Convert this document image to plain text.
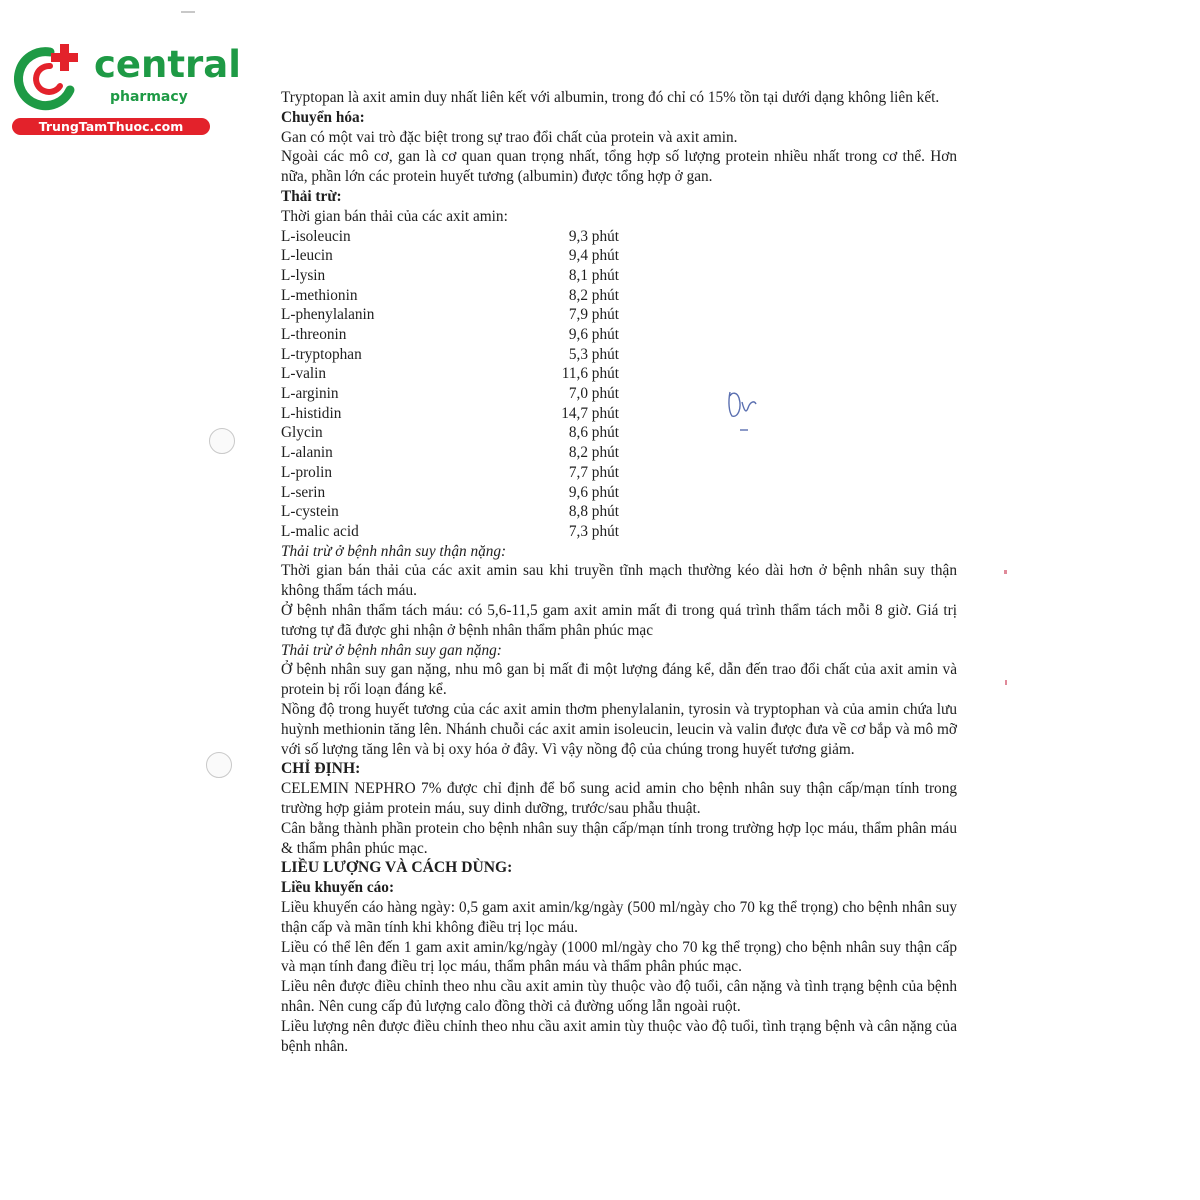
central
pharmacy
TrungTamThuoc.com

Tryptopan là axit amin duy nhất liên kết với albumin, trong đó chỉ có 15% tồn tại dưới dạng không liên kết.

Chuyển hóa:

Gan có một vai trò đặc biệt trong sự trao đổi chất của protein và axit amin.

Ngoài các mô cơ, gan là cơ quan quan trọng nhất, tổng hợp số lượng protein nhiều nhất trong cơ thể. Hơn nữa, phần lớn các protein huyết tương (albumin) được tổng hợp ở gan.

Thải trừ:

Thời gian bán thải của các axit amin:

L-isoleucin	9,3 phút
L-leucin	9,4 phút
L-lysin	8,1 phút
L-methionin	8,2 phút
L-phenylalanin	7,9 phút
L-threonin	9,6 phút
L-tryptophan	5,3 phút
L-valin	11,6 phút
L-arginin	7,0 phút
L-histidin	14,7 phút
Glycin	8,6 phút
L-alanin	8,2 phút
L-prolin	7,7 phút
L-serin	9,6 phút
L-cystein	8,8 phút
L-malic acid	7,3 phút

Thải trừ ở bệnh nhân suy thận nặng:

Thời gian bán thải của các axit amin sau khi truyền tĩnh mạch thường kéo dài hơn ở bệnh nhân suy thận không thẩm tách máu.

Ở bệnh nhân thẩm tách máu: có 5,6-11,5 gam axit amin mất đi trong quá trình thẩm tách mỗi 8 giờ. Giá trị tương tự đã được ghi nhận ở bệnh nhân thẩm phân phúc mạc

Thải trừ ở bệnh nhân suy gan nặng:

Ở bệnh nhân suy gan nặng, nhu mô gan bị mất đi một lượng đáng kể, dẫn đến trao đổi chất của axit amin và protein bị rối loạn đáng kể.

Nồng độ trong huyết tương của các axit amin thơm phenylalanin, tyrosin và tryptophan và của amin chứa lưu huỳnh methionin tăng lên. Nhánh chuỗi các axit amin isoleucin, leucin và valin được đưa về cơ bắp và mô mỡ với số lượng tăng lên và bị oxy hóa ở đây. Vì vậy nồng độ của chúng trong huyết tương giảm.

CHỈ ĐỊNH:

CELEMIN NEPHRO 7% được chỉ định để bổ sung acid amin cho bệnh nhân suy thận cấp/mạn tính trong trường hợp giảm protein máu, suy dinh dưỡng, trước/sau phẫu thuật.

Cân bằng thành phần protein cho bệnh nhân suy thận cấp/mạn tính trong trường hợp lọc máu, thẩm phân máu & thẩm phân phúc mạc.

LIỀU LƯỢNG VÀ CÁCH DÙNG:

Liều khuyến cáo:

Liều khuyến cáo hàng ngày: 0,5 gam axit amin/kg/ngày (500 ml/ngày cho 70 kg thể trọng) cho bệnh nhân suy thận cấp và mãn tính khi không điều trị lọc máu.

Liều có thể lên đến 1 gam axit amin/kg/ngày (1000 ml/ngày cho 70 kg thể trọng) cho bệnh nhân suy thận cấp và mạn tính đang điều trị lọc máu, thẩm phân máu và thẩm phân phúc mạc.

Liều nên được điều chỉnh theo nhu cầu axit amin tùy thuộc vào độ tuổi, cân nặng và tình trạng bệnh của bệnh nhân. Nên cung cấp đủ lượng calo đồng thời cả đường uống lẫn ngoài ruột.

Liều lượng nên được điều chỉnh theo nhu cầu axit amin tùy thuộc vào độ tuổi, tình trạng bệnh và cân nặng của bệnh nhân.
